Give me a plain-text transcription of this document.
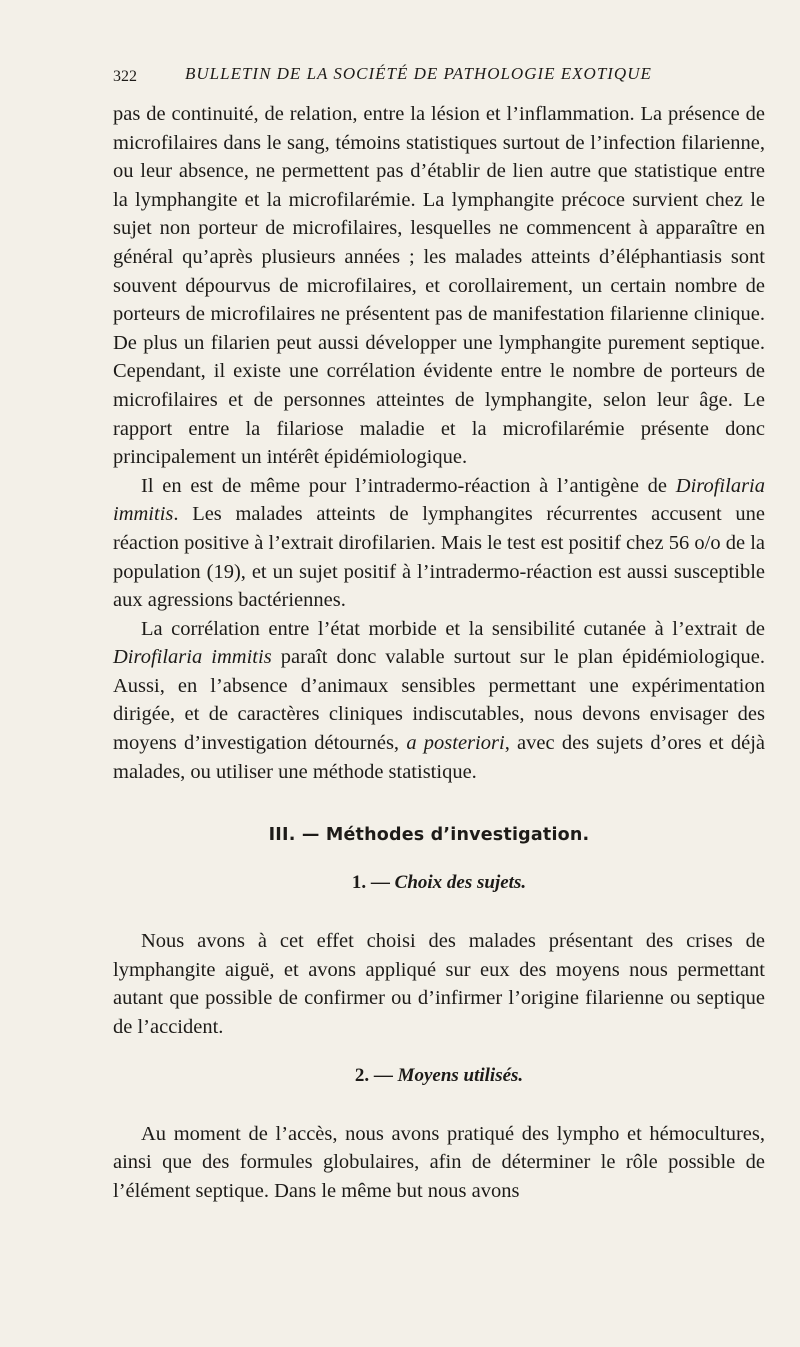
322	BULLETIN DE LA SOCIÉTÉ DE PATHOLOGIE EXOTIQUE

pas de continuité, de relation, entre la lésion et l’inflammation. La présence de microfilaires dans le sang, témoins statistiques surtout de l’infection filarienne, ou leur absence, ne permettent pas d’établir de lien autre que statistique entre la lymphangite et la microfilarémie. La lymphangite précoce survient chez le sujet non porteur de microfilaires, lesquelles ne commencent à apparaître en général qu’après plusieurs années ; les malades atteints d’éléphantiasis sont souvent dépourvus de microfilaires, et corollairement, un certain nombre de porteurs de microfilaires ne présentent pas de manifestation filarienne clinique. De plus un filarien peut aussi développer une lymphangite purement septique. Cependant, il existe une corrélation évidente entre le nombre de porteurs de microfilaires et de personnes atteintes de lymphangite, selon leur âge. Le rapport entre la filariose maladie et la microfilarémie présente donc principalement un intérêt épidémiologique.

Il en est de même pour l’intradermo-réaction à l’antigène de Dirofilaria immitis. Les malades atteints de lymphangites récurrentes accusent une réaction positive à l’extrait dirofilarien. Mais le test est positif chez 56 o/o de la population (19), et un sujet positif à l’intradermo-réaction est aussi susceptible aux agressions bactériennes.

La corrélation entre l’état morbide et la sensibilité cutanée à l’extrait de Dirofilaria immitis paraît donc valable surtout sur le plan épidémiologique. Aussi, en l’absence d’animaux sensibles permettant une expérimentation dirigée, et de caractères cliniques indiscutables, nous devons envisager des moyens d’investigation détournés, a posteriori, avec des sujets d’ores et déjà malades, ou utiliser une méthode statistique.

III. — Méthodes d’investigation.
1. — Choix des sujets.

Nous avons à cet effet choisi des malades présentant des crises de lymphangite aiguë, et avons appliqué sur eux des moyens nous permettant autant que possible de confirmer ou d’infirmer l’origine filarienne ou septique de l’accident.

2. — Moyens utilisés.

Au moment de l’accès, nous avons pratiqué des lympho et hémocultures, ainsi que des formules globulaires, afin de déterminer le rôle possible de l’élément septique. Dans le même but nous avons
